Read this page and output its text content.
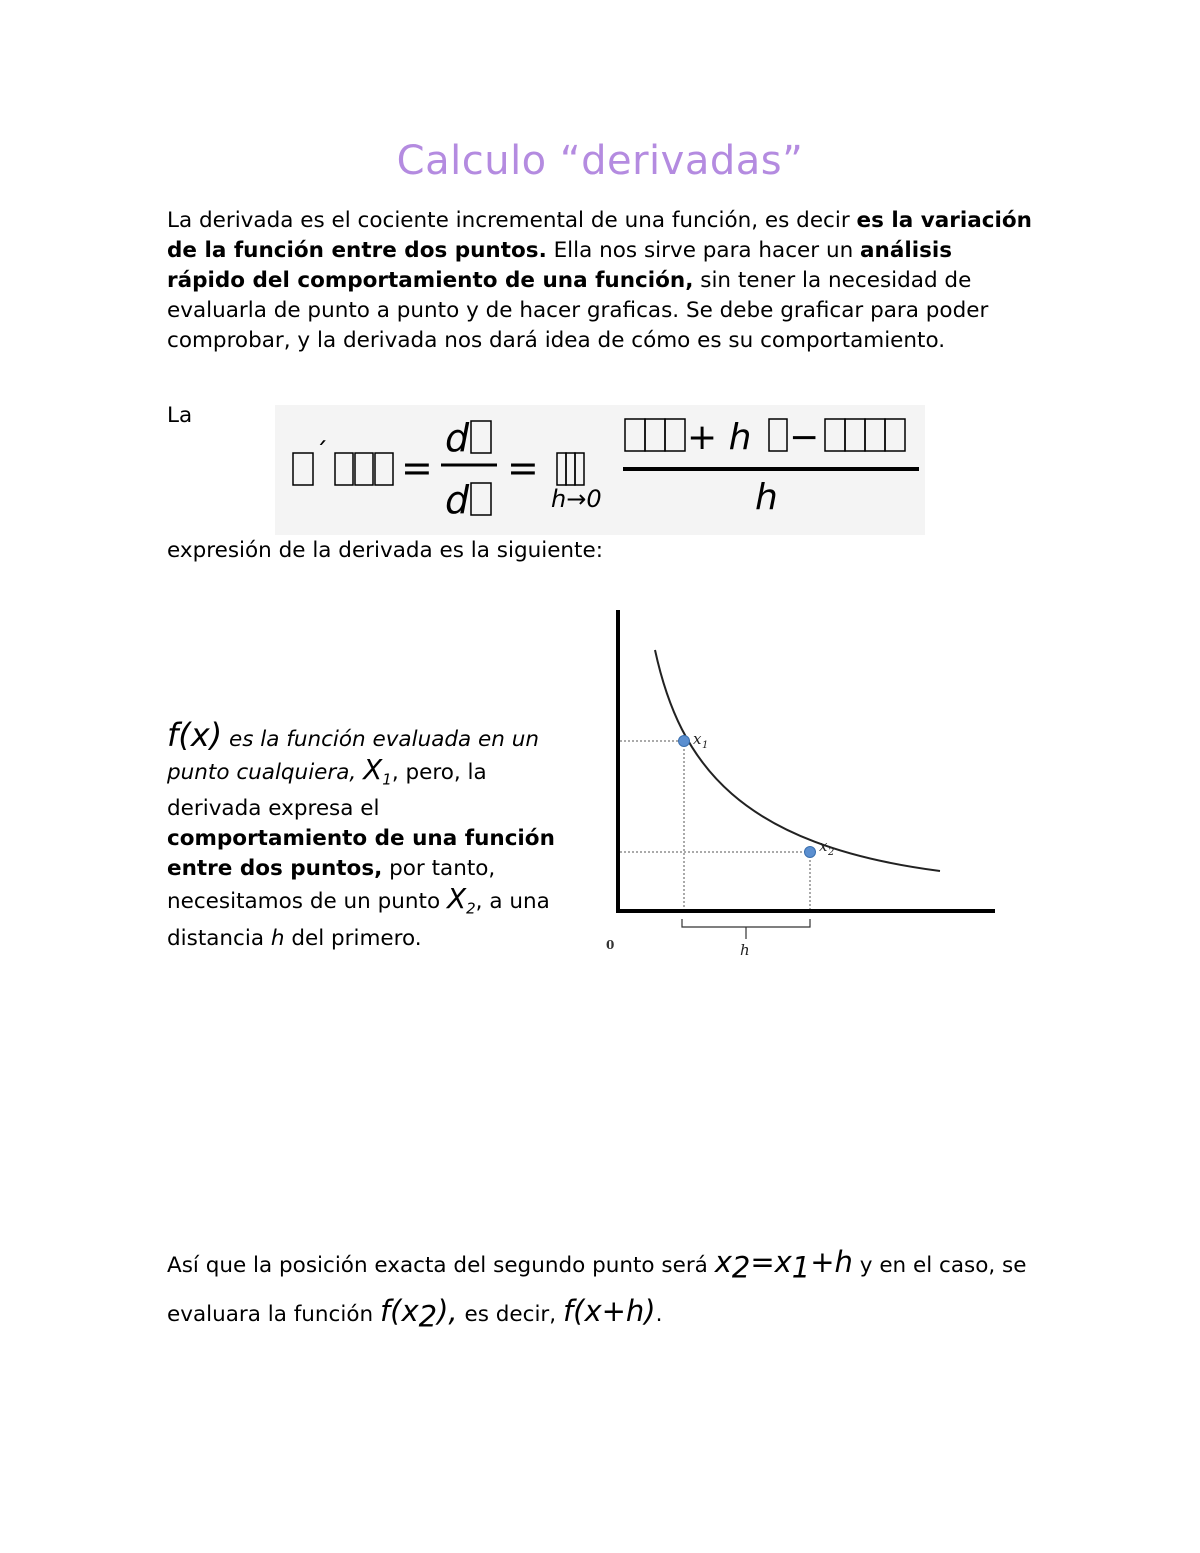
Calculo “derivadas”
La derivada es el cociente incremental de una función, es decir es la variación de la función entre dos puntos. Ella nos sirve para hacer un análisis rápido del comportamiento de una función, sin tener la necesidad de evaluarla de punto a punto y de hacer graficas. Se debe graficar para poder comprobar, y la derivada nos dará idea de cómo es su comportamiento.
La
´ =
d
d
=
h→0
+ h −
h
expresión de la derivada es la siguiente:
f(x) es la función evaluada en un punto cualquiera, $X_1$, pero, la derivada expresa el comportamiento de una función entre dos puntos, por tanto, necesitamos de un punto $X_2$, a una distancia h del primero.
x 1
x 2
h
0
Así que la posición exacta del segundo punto será $x_2=x_1+h$ y en el caso, se evaluara la función $f(x_2)$, es decir, f(x+h).
